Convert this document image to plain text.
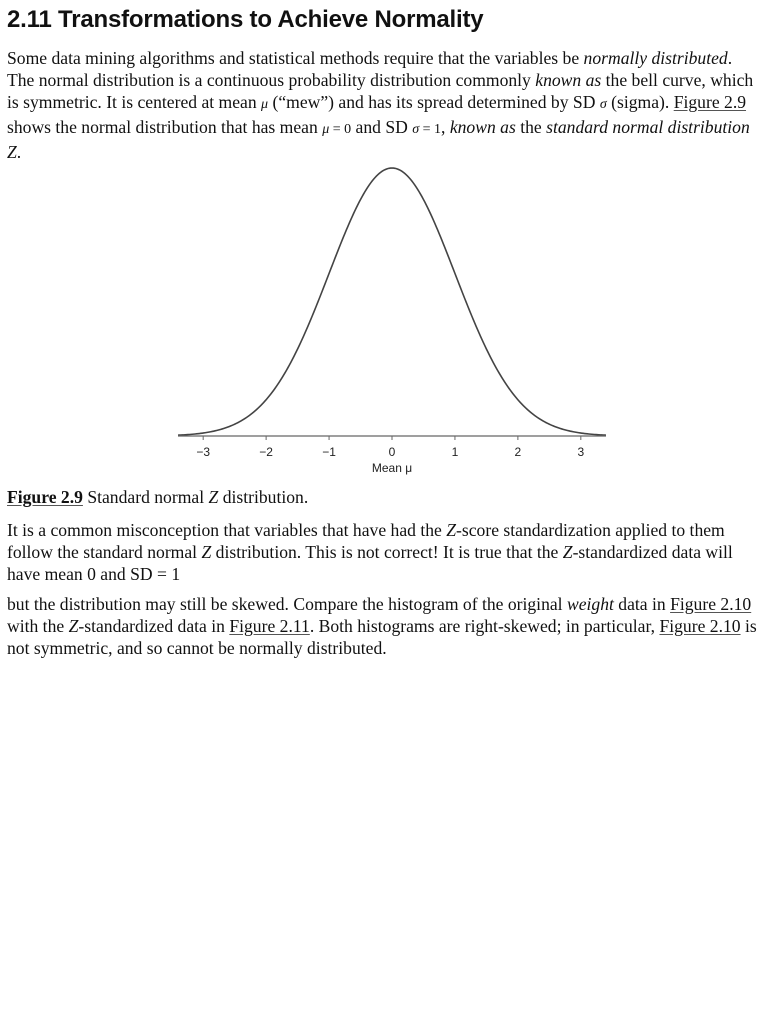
2.11 Transformations to Achieve Normality

Some data mining algorithms and statistical methods require that the variables be normally distributed. The normal distribution is a continuous probability distribution commonly known as the bell curve, which is symmetric. It is centered at mean μ (“mew”) and has its spread determined by SD σ (sigma). Figure 2.9 shows the normal distribution that has mean μ = 0 and SD σ = 1, known as the standard normal distribution Z.

−3	−2	−1	0	1	2	3
Mean μ

Figure 2.9 Standard normal Z distribution.

It is a common misconception that variables that have had the Z-score standardization applied to them follow the standard normal Z distribution. This is not correct! It is true that the Z-standardized data will have mean 0 and SD = 1

but the distribution may still be skewed. Compare the histogram of the original weight data in Figure 2.10 with the Z-standardized data in Figure 2.11. Both histograms are right-skewed; in particular, Figure 2.10 is not symmetric, and so cannot be normally distributed.
